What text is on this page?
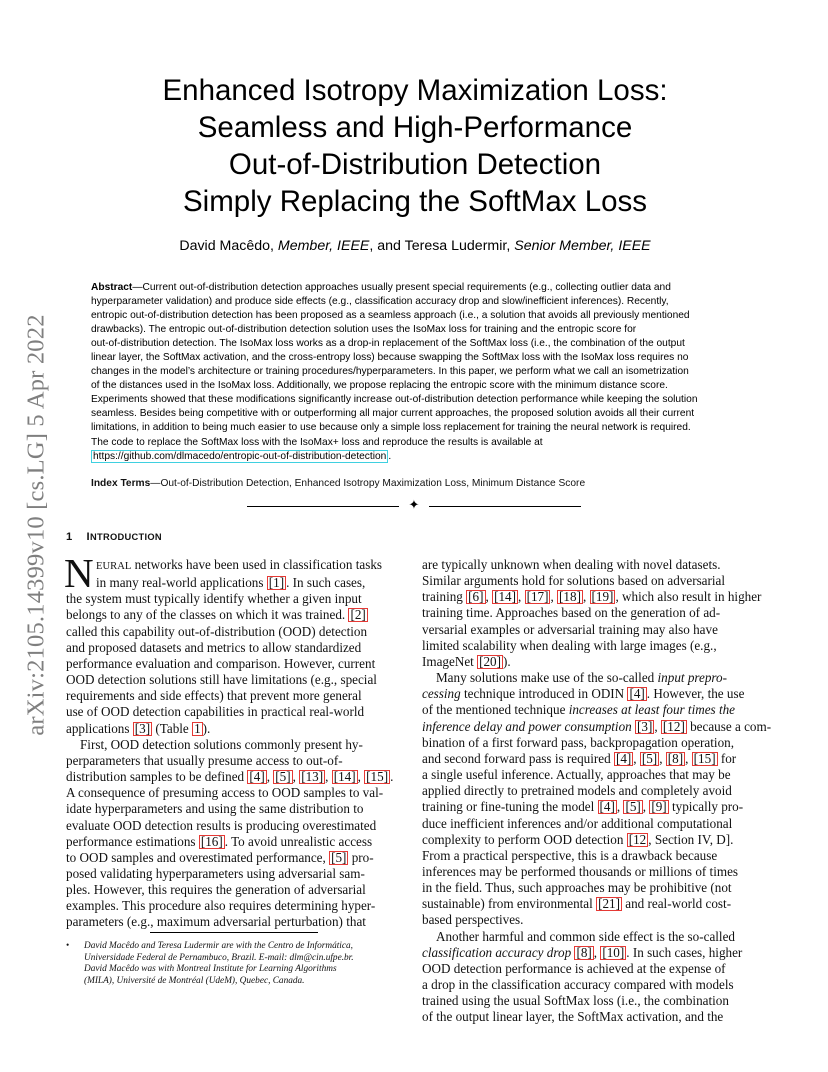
arXiv:2105.14399v10 [cs.LG] 5 Apr 2022
Enhanced Isotropy Maximization Loss:
Seamless and High-Performance
Out-of-Distribution Detection
Simply Replacing the SoftMax Loss
David Macêdo, Member, IEEE, and Teresa Ludermir, Senior Member, IEEE
Abstract—Current out-of-distribution detection approaches usually present special requirements (e.g., collecting outlier data and
hyperparameter validation) and produce side effects (e.g., classification accuracy drop and slow/inefficient inferences). Recently,
entropic out-of-distribution detection has been proposed as a seamless approach (i.e., a solution that avoids all previously mentioned
drawbacks). The entropic out-of-distribution detection solution uses the IsoMax loss for training and the entropic score for
out-of-distribution detection. The IsoMax loss works as a drop-in replacement of the SoftMax loss (i.e., the combination of the output
linear layer, the SoftMax activation, and the cross-entropy loss) because swapping the SoftMax loss with the IsoMax loss requires no
changes in the model’s architecture or training procedures/hyperparameters. In this paper, we perform what we call an isometrization
of the distances used in the IsoMax loss. Additionally, we propose replacing the entropic score with the minimum distance score.
Experiments showed that these modifications significantly increase out-of-distribution detection performance while keeping the solution
seamless. Besides being competitive with or outperforming all major current approaches, the proposed solution avoids all their current
limitations, in addition to being much easier to use because only a simple loss replacement for training the neural network is required.
The code to replace the SoftMax loss with the IsoMax+ loss and reproduce the results is available at
https://github.com/dlmacedo/entropic-out-of-distribution-detection .
Index Terms—Out-of-Distribution Detection, Enhanced Isotropy Maximization Loss, Minimum Distance Score
✦
1 INTRODUCTION
N EURAL networks have been used in classification tasks
in many real-world applications [1] . In such cases,
the system must typically identify whether a given input
belongs to any of the classes on which it was trained. [2]
called this capability out-of-distribution (OOD) detection
and proposed datasets and metrics to allow standardized
performance evaluation and comparison. However, current
OOD detection solutions still have limitations (e.g., special
requirements and side effects) that prevent more general
use of OOD detection capabilities in practical real-world
applications [3] (Table 1 ).
First, OOD detection solutions commonly present hy-
perparameters that usually presume access to out-of-
distribution samples to be defined [4] , [5] , [13] , [14] , [15] .
A consequence of presuming access to OOD samples to val-
idate hyperparameters and using the same distribution to
evaluate OOD detection results is producing overestimated
performance estimations [16] . To avoid unrealistic access
to OOD samples and overestimated performance, [5] pro-
posed validating hyperparameters using adversarial sam-
ples. However, this requires the generation of adversarial
examples. This procedure also requires determining hyper-
parameters (e.g., maximum adversarial perturbation) that
•	David Macêdo and Teresa Ludermir are with the Centro de Informática,
Universidade Federal de Pernambuco, Brazil. E-mail: dlm@cin.ufpe.br.
David Macêdo was with Montreal Institute for Learning Algorithms
(MILA), Université de Montréal (UdeM), Quebec, Canada.
are typically unknown when dealing with novel datasets.
Similar arguments hold for solutions based on adversarial
training [6] , [14] , [17] , [18] , [19] , which also result in higher
training time. Approaches based on the generation of ad-
versarial examples or adversarial training may also have
limited scalability when dealing with large images (e.g.,
ImageNet [20] ).
Many solutions make use of the so-called input prepro-
cessing technique introduced in ODIN [4] . However, the use
of the mentioned technique increases at least four times the
inference delay and power consumption [3] , [12] because a com-
bination of a first forward pass, backpropagation operation,
and second forward pass is required [4] , [5] , [8] , [15] for
a single useful inference. Actually, approaches that may be
applied directly to pretrained models and completely avoid
training or fine-tuning the model [4] , [5] , [9] typically pro-
duce inefficient inferences and/or additional computational
complexity to perform OOD detection [12 , Section IV, D].
From a practical perspective, this is a drawback because
inferences may be performed thousands or millions of times
in the field. Thus, such approaches may be prohibitive (not
sustainable) from environmental [21] and real-world cost-
based perspectives.
Another harmful and common side effect is the so-called
classification accuracy drop [8] , [10] . In such cases, higher
OOD detection performance is achieved at the expense of
a drop in the classification accuracy compared with models
trained using the usual SoftMax loss (i.e., the combination
of the output linear layer, the SoftMax activation, and the
